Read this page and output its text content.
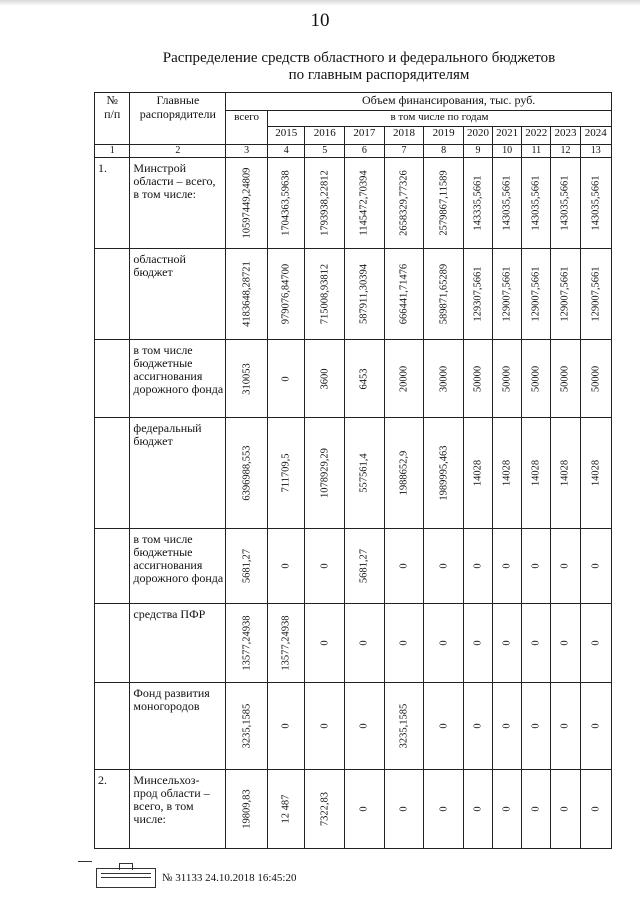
10
Распределение средств областного и федерального бюджетов
по главным распорядителям
№
п/п	Главные распорядители	Объем финансирования, тыс. руб.										
		всего	в том числе по годам									
			2015	2016	2017	2018	2019	2020	2021	2022	2023	2024
1	2	3	4	5	6	7	8	9	10	11	12	13
1.	Минстрой области – всего, в том числе:	10597449,24809	1704363,59638	1793938,22812	1145472,70394	2658329,77326	2579867,11589	143335,5661	143035,5661	143035,5661	143035,5661	143035,5661

	областной бюджет	4183648,28721	979076,84700	715008,93812	587911,30394	666441,71476	589871,65289	129307,5661	129007,5661	129007,5661	129007,5661	129007,5661

	в том числе бюджетные ассигнования дорожного фонда	310053	0	3600	6453	20000	30000	50000	50000	50000	50000	50000

	федеральный бюджет	6396988,553	711709,5	1078929,29	557561,4	1988652,9	1989995,463	14028	14028	14028	14028	14028

	в том числе бюджетные ассигнования дорожного фонда	5681,27	0	0	5681,27	0	0	0	0	0	0	0

	средства ПФР	13577,24938	13577,24938	0	0	0	0	0	0	0	0	0

	Фонд развития моногородов	3235,1585	0	0	0	3235,1585	0	0	0	0	0	0

2.	Минсельхоз-прод области – всего, в том числе:	19809,83	12 487	7322,83	0	0	0	0	0	0	0	0
№ 31133 24.10.2018 16:45:20
